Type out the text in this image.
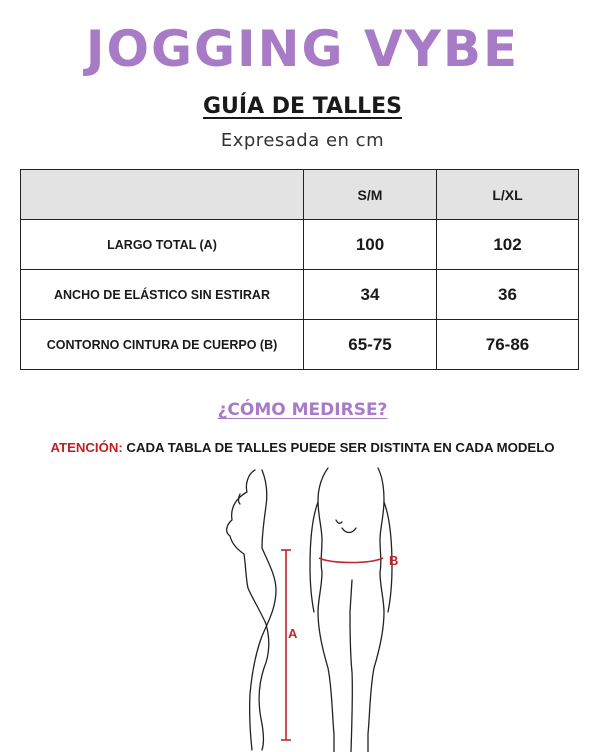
JOGGING VYBE
GUÍA DE TALLES
Expresada en cm
	S/M	L/XL
LARGO TOTAL (A)	100	102
ANCHO DE ELÁSTICO SIN ESTIRAR	34	36
CONTORNO CINTURA DE CUERPO (B)	65-75	76-86
¿CÓMO MEDIRSE?
ATENCIÓN: CADA TABLA DE TALLES PUEDE SER DISTINTA EN CADA MODELO
A
B
